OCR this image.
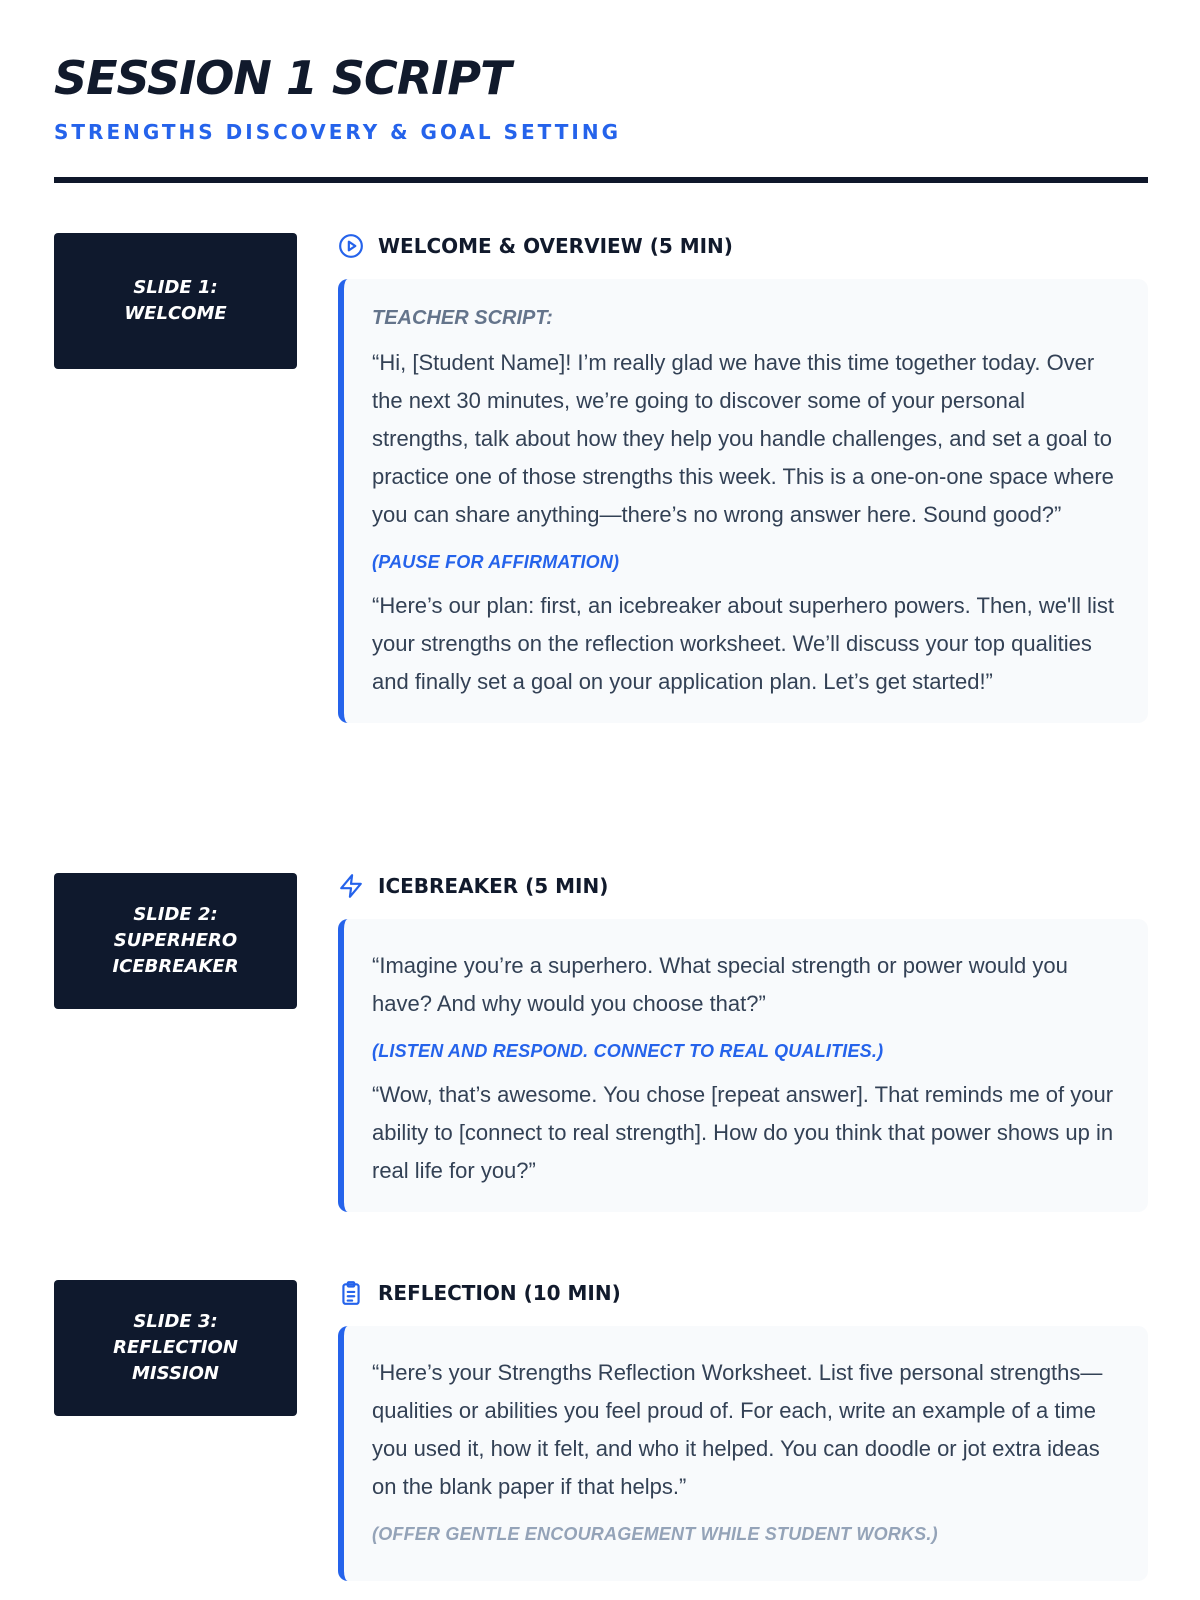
SESSION 1 SCRIPT
STRENGTHS DISCOVERY & GOAL SETTING
SLIDE 1:
WELCOME
WELCOME & OVERVIEW (5 MIN)
TEACHER SCRIPT:

“Hi, [Student Name]! I’m really glad we have this time together today. Over the next 30 minutes, we’re going to discover some of your personal strengths, talk about how they help you handle challenges, and set a goal to practice one of those strengths this week. This is a one-on-one space where you can share anything—there’s no wrong answer here. Sound good?”

(PAUSE FOR AFFIRMATION)

“Here’s our plan: first, an icebreaker about superhero powers. Then, we'll list your strengths on the reflection worksheet. We’ll discuss your top qualities and finally set a goal on your application plan. Let’s get started!”

SLIDE 2:
SUPERHERO
ICEBREAKER
ICEBREAKER (5 MIN)

“Imagine you’re a superhero. What special strength or power would you have? And why would you choose that?”

(LISTEN AND RESPOND. CONNECT TO REAL QUALITIES.)

“Wow, that’s awesome. You chose [repeat answer]. That reminds me of your ability to [connect to real strength]. How do you think that power shows up in real life for you?”

SLIDE 3:
REFLECTION
MISSION
REFLECTION (10 MIN)

“Here’s your Strengths Reflection Worksheet. List five personal strengths—qualities or abilities you feel proud of. For each, write an example of a time you used it, how it felt, and who it helped. You can doodle or jot extra ideas on the blank paper if that helps.”

(OFFER GENTLE ENCOURAGEMENT WHILE STUDENT WORKS.)
